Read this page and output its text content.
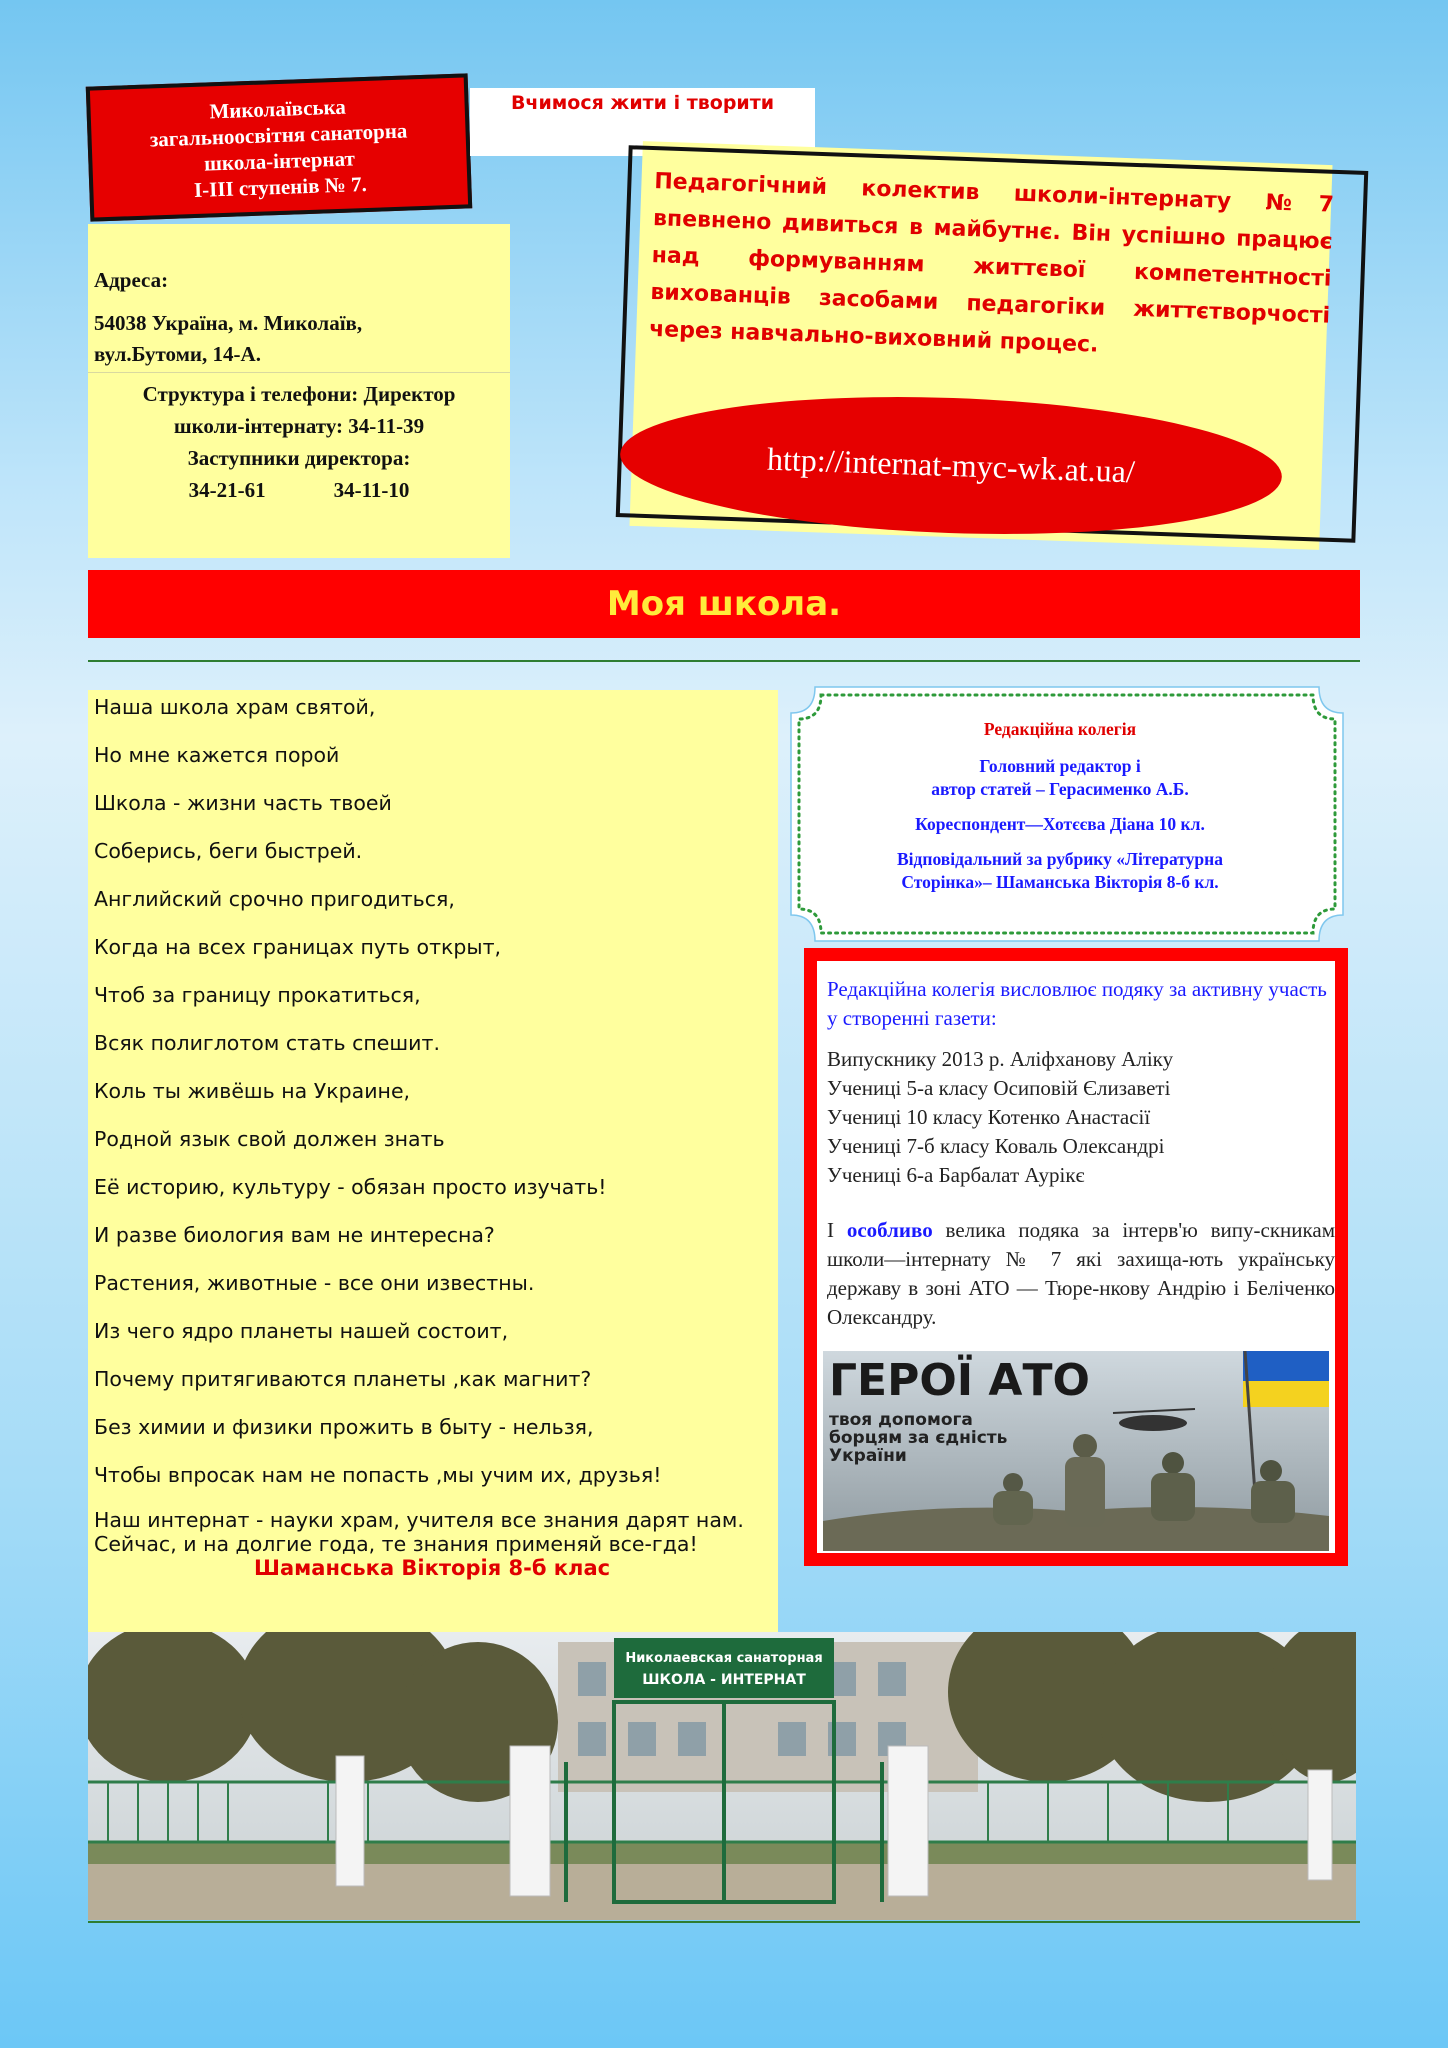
Миколаївська
загальноосвітня санаторна
школа-інтернат
І-ІІІ ступенів № 7.
Вчимося жити і творити
Адреса:
54038 Україна, м. Миколаїв,
вул.Бутоми, 14-А.
Структура і телефони: Директор
школи-інтернату: 34-11-39
Заступники директора:
34-21-61	34-11-10
Педагогічний колектив школи-інтернату №7 впевнено дивиться в майбутнє. Він успішно працює над формуванням життєвої компетентності вихованців засобами педагогіки життєтворчості через навчально-виховний процес.
http://internat-myc-wk.at.ua/
Моя школа.

Наша школа храм святой,

Но мне кажется порой

Школа - жизни часть твоей

Соберись, беги быстрей.

Английский срочно пригодиться,

Когда на всех границах путь открыт,

Чтоб за границу прокатиться,

Всяк полиглотом стать спешит.

Коль ты живёшь на Украине,

Родной язык свой должен знать

Её историю, культуру - обязан просто изучать!

И разве биология вам не интересна?

Растения, животные - все они известны.

Из чего ядро планеты нашей состоит,

Почему притягиваются планеты ,как магнит?

Без химии и физики прожить в быту - нельзя,

Чтобы впросак нам не попасть ,мы учим их, друзья!

Наш интернат - науки храм, учителя все знания дарят нам. Сейчас, и на долгие года, те знания применяй все-гда! Шаманська Вікторія 8-б клас
Редакційна колегія
Головний редактор і
автор статей – Герасименко А.Б.
Кореспондент—Хотєєва Діана 10 кл.
Відповідальний за рубрику «Літературна
Сторінка»– Шаманська Вікторія 8-б кл.
Редакційна колегія висловлює подяку за активну участь у створенні газети:
Випускнику 2013 р. Аліфханову Аліку
Учениці 5-а класу Осиповій Єлизаветі
Учениці 10 класу Котенко Анастасії
Учениці 7-б класу Коваль Олександрі
Учениці 6-а Барбалат Аурікє
І особливо велика подяка за інтерв'ю випу-скникам школи—інтернату № 7 які захища-ють українську державу в зоні АТО — Тюре-нкову Андрію і Беліченко Олександру.
ГЕРОЇ АТО
твоя допомога
борцям за єдність
України
Николаевская санаторная
ШКОЛА - ИНТЕРНАТ
